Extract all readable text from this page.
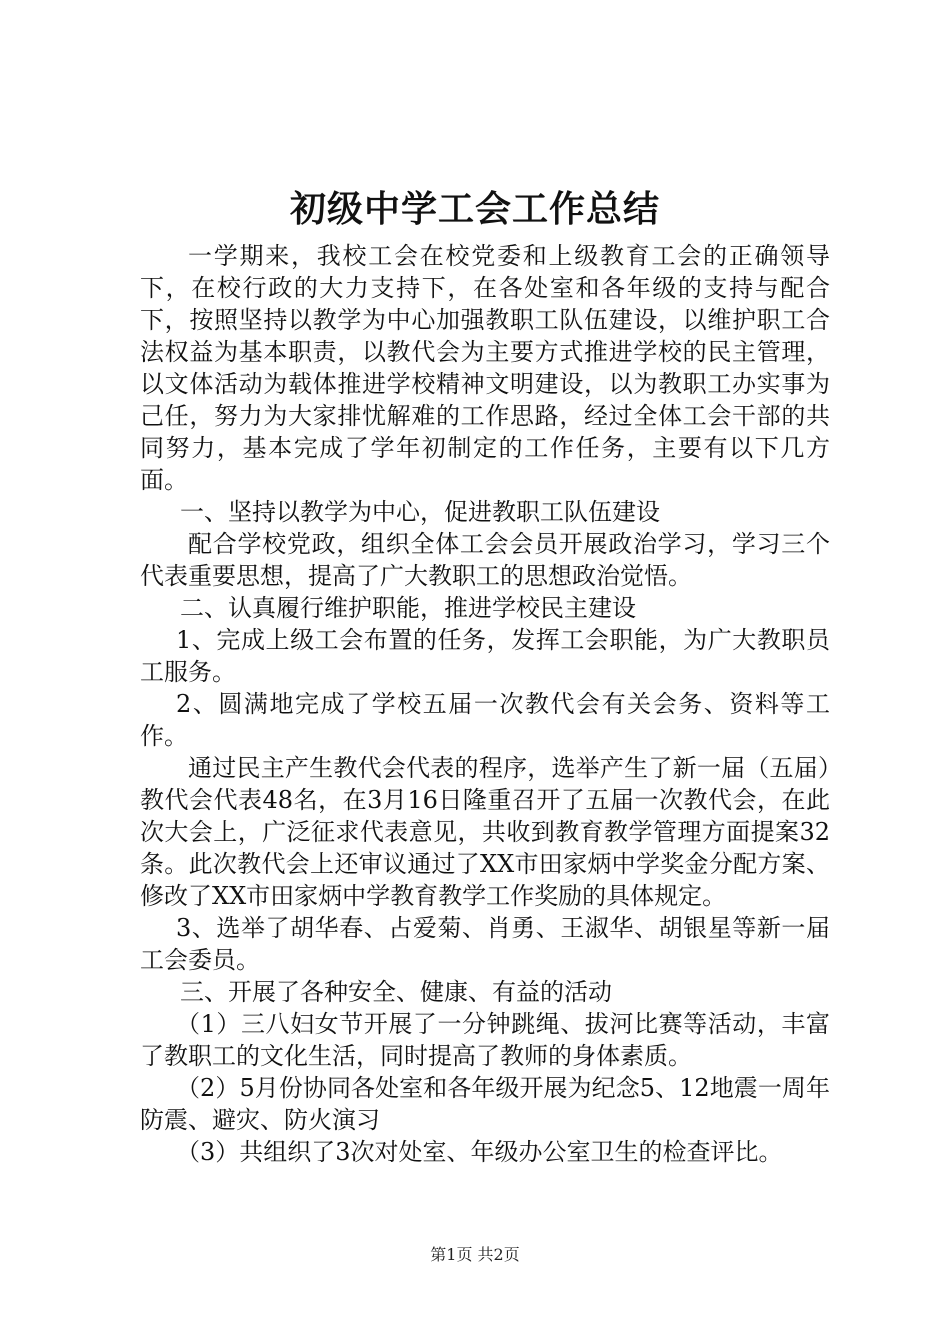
初级中学工会工作总结

一学期来，我校工会在校党委和上级教育工会的正确领导下，在校行政的大力支持下，在各处室和各年级的支持与配合下，按照坚持以教学为中心加强教职工队伍建设，以维护职工合法权益为基本职责，以教代会为主要方式推进学校的民主管理，以文体活动为载体推进学校精神文明建设，以为教职工办实事为己任，努力为大家排忧解难的工作思路，经过全体工会干部的共同努力，基本完成了学年初制定的工作任务，主要有以下几方面。

一、坚持以教学为中心，促进教职工队伍建设

配合学校党政，组织全体工会会员开展政治学习，学习三个代表重要思想，提高了广大教职工的思想政治觉悟。

二、认真履行维护职能，推进学校民主建设

1、完成上级工会布置的任务，发挥工会职能，为广大教职员工服务。

2、圆满地完成了学校五届一次教代会有关会务、资料等工作。

通过民主产生教代会代表的程序，选举产生了新一届（五届）教代会代表48名，在3月16日隆重召开了五届一次教代会，在此次大会上，广泛征求代表意见，共收到教育教学管理方面提案32条。此次教代会上还审议通过了XX市田家炳中学奖金分配方案、修改了XX市田家炳中学教育教学工作奖励的具体规定。

3、选举了胡华春、占爱菊、肖勇、王淑华、胡银星等新一届工会委员。

三、开展了各种安全、健康、有益的活动

（1）三八妇女节开展了一分钟跳绳、拔河比赛等活动，丰富了教职工的文化生活，同时提高了教师的身体素质。

（2）5月份协同各处室和各年级开展为纪念5、12地震一周年防震、避灾、防火演习

（3）共组织了3次对处室、年级办公室卫生的检查评比。

第1页 共2页
